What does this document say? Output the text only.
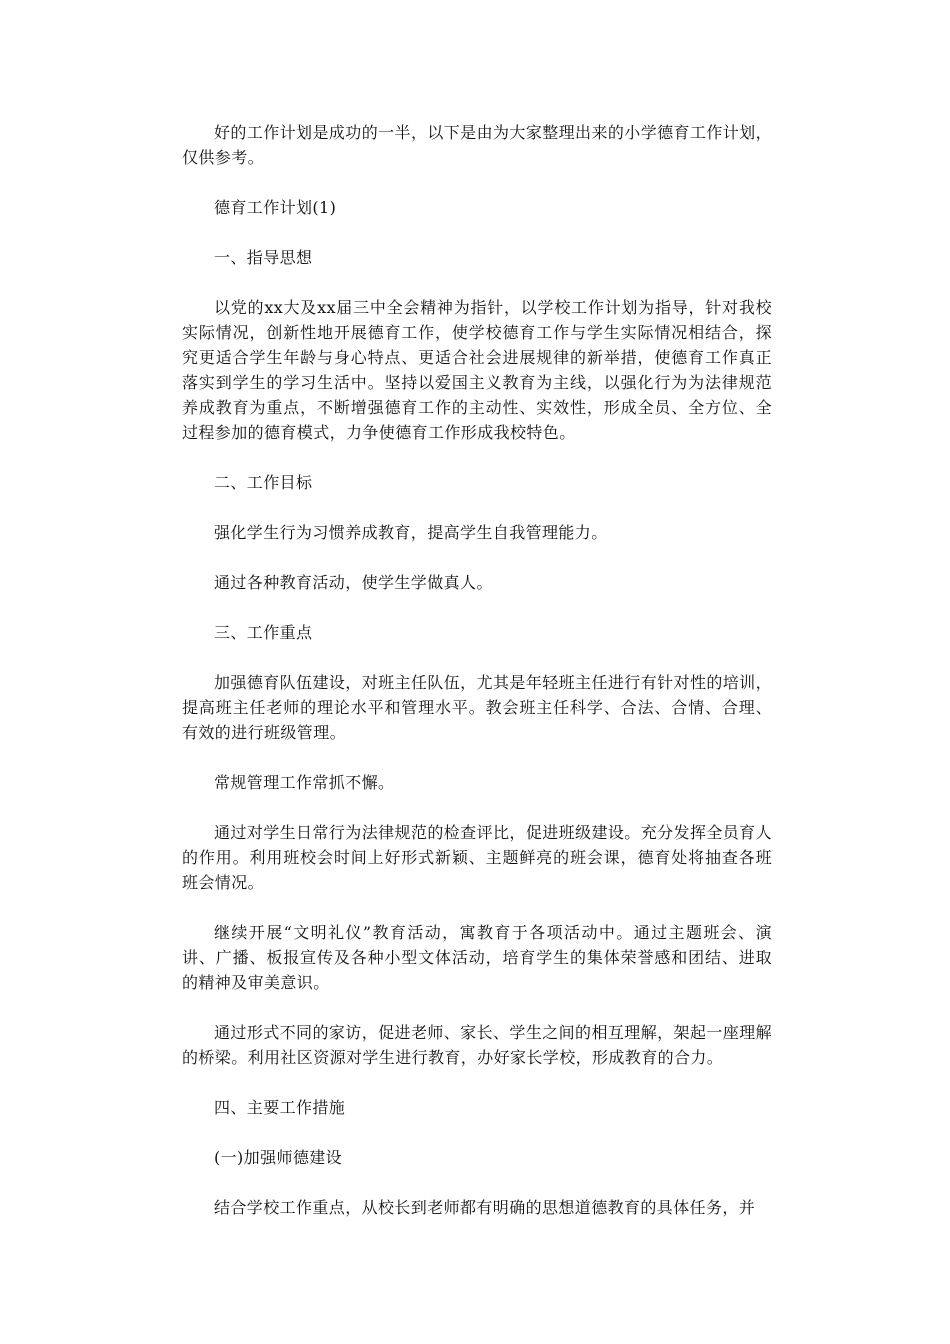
好的工作计划是成功的一半，以下是由为大家整理出来的小学德育工作计划，仅供参考。

德育工作计划(1)

一、指导思想

以党的xx大及xx届三中全会精神为指针，以学校工作计划为指导，针对我校实际情况，创新性地开展德育工作，使学校德育工作与学生实际情况相结合，探究更适合学生年龄与身心特点、更适合社会进展规律的新举措，使德育工作真正落实到学生的学习生活中。坚持以爱国主义教育为主线，以强化行为为法律规范养成教育为重点，不断增强德育工作的主动性、实效性，形成全员、全方位、全过程参加的德育模式，力争使德育工作形成我校特色。

二、工作目标

强化学生行为习惯养成教育，提高学生自我管理能力。

通过各种教育活动，使学生学做真人。

三、工作重点

加强德育队伍建设，对班主任队伍，尤其是年轻班主任进行有针对性的培训，提高班主任老师的理论水平和管理水平。教会班主任科学、合法、合情、合理、有效的进行班级管理。

常规管理工作常抓不懈。

通过对学生日常行为法律规范的检查评比，促进班级建设。充分发挥全员育人的作用。利用班校会时间上好形式新颖、主题鲜亮的班会课，德育处将抽查各班班会情况。

继续开展“文明礼仪”教育活动，寓教育于各项活动中。通过主题班会、演讲、广播、板报宣传及各种小型文体活动，培育学生的集体荣誉感和团结、进取的精神及审美意识。

通过形式不同的家访，促进老师、家长、学生之间的相互理解，架起一座理解的桥梁。利用社区资源对学生进行教育，办好家长学校，形成教育的合力。

四、主要工作措施

(一)加强师德建设

结合学校工作重点，从校长到老师都有明确的思想道德教育的具体任务，并
